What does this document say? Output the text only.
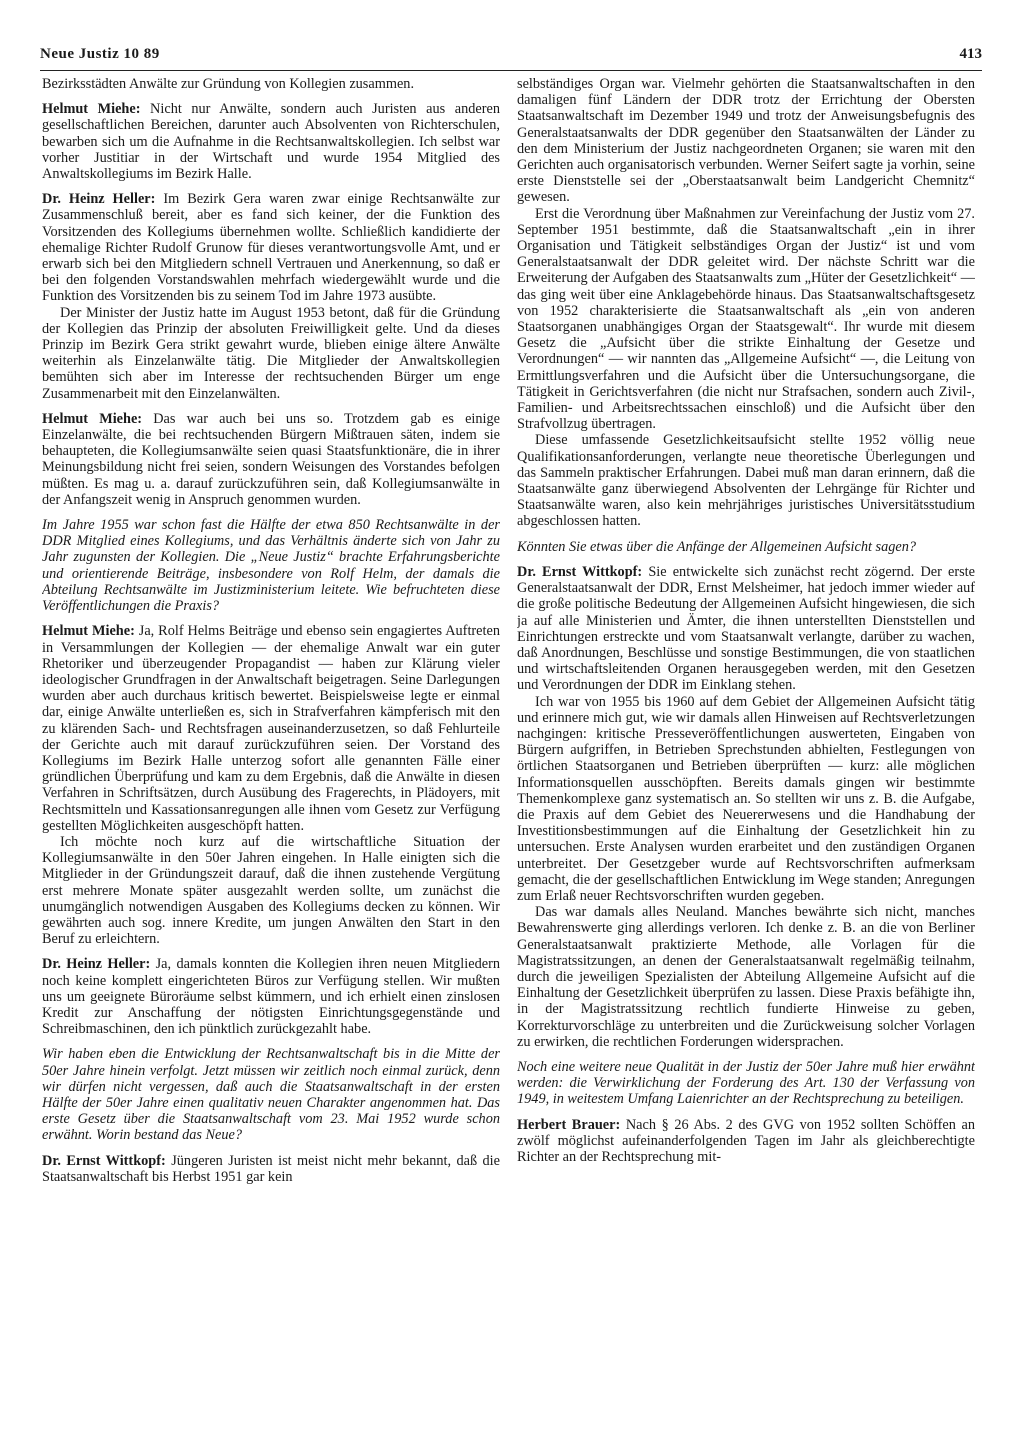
Neue Justiz 10 89	413

Bezirksstädten Anwälte zur Gründung von Kollegien zusammen.

Helmut Miehe: Nicht nur Anwälte, sondern auch Juristen aus anderen gesellschaftlichen Bereichen, darunter auch Absolventen von Richterschulen, bewarben sich um die Aufnahme in die Rechtsanwaltskollegien. Ich selbst war vorher Justitiar in der Wirtschaft und wurde 1954 Mitglied des Anwaltskollegiums im Bezirk Halle.

Dr. Heinz Heller: Im Bezirk Gera waren zwar einige Rechtsanwälte zur Zusammenschluß bereit, aber es fand sich keiner, der die Funktion des Vorsitzenden des Kollegiums übernehmen wollte. Schließlich kandidierte der ehemalige Richter Rudolf Grunow für dieses verantwortungsvolle Amt, und er erwarb sich bei den Mitgliedern schnell Vertrauen und Anerkennung, so daß er bei den folgenden Vorstandswahlen mehrfach wiedergewählt wurde und die Funktion des Vorsitzenden bis zu seinem Tod im Jahre 1973 ausübte.

Der Minister der Justiz hatte im August 1953 betont, daß für die Gründung der Kollegien das Prinzip der absoluten Freiwilligkeit gelte. Und da dieses Prinzip im Bezirk Gera strikt gewahrt wurde, blieben einige ältere Anwälte weiterhin als Einzelanwälte tätig. Die Mitglieder der Anwaltskollegien bemühten sich aber im Interesse der rechtsuchenden Bürger um enge Zusammenarbeit mit den Einzelanwälten.

Helmut Miehe: Das war auch bei uns so. Trotzdem gab es einige Einzelanwälte, die bei rechtsuchenden Bürgern Mißtrauen säten, indem sie behaupteten, die Kollegiumsanwälte seien quasi Staatsfunktionäre, die in ihrer Meinungsbildung nicht frei seien, sondern Weisungen des Vorstandes befolgen müßten. Es mag u. a. darauf zurückzuführen sein, daß Kollegiumsanwälte in der Anfangszeit wenig in Anspruch genommen wurden.

Im Jahre 1955 war schon fast die Hälfte der etwa 850 Rechtsanwälte in der DDR Mitglied eines Kollegiums, und das Verhältnis änderte sich von Jahr zu Jahr zugunsten der Kollegien. Die „Neue Justiz“ brachte Erfahrungsberichte und orientierende Beiträge, insbesondere von Rolf Helm, der damals die Abteilung Rechtsanwälte im Justizministerium leitete. Wie befruchteten diese Veröffentlichungen die Praxis?

Helmut Miehe: Ja, Rolf Helms Beiträge und ebenso sein engagiertes Auftreten in Versammlungen der Kollegien — der ehemalige Anwalt war ein guter Rhetoriker und überzeugender Propagandist — haben zur Klärung vieler ideologischer Grundfragen in der Anwaltschaft beigetragen. Seine Darlegungen wurden aber auch durchaus kritisch bewertet. Beispielsweise legte er einmal dar, einige Anwälte unterließen es, sich in Strafverfahren kämpferisch mit den zu klärenden Sach- und Rechtsfragen auseinanderzusetzen, so daß Fehlurteile der Gerichte auch mit darauf zurückzuführen seien. Der Vorstand des Kollegiums im Bezirk Halle unterzog sofort alle genannten Fälle einer gründlichen Überprüfung und kam zu dem Ergebnis, daß die Anwälte in diesen Verfahren in Schriftsätzen, durch Ausübung des Fragerechts, in Plädoyers, mit Rechtsmitteln und Kassationsanregungen alle ihnen vom Gesetz zur Verfügung gestellten Möglichkeiten ausgeschöpft hatten.

Ich möchte noch kurz auf die wirtschaftliche Situation der Kollegiumsanwälte in den 50er Jahren eingehen. In Halle einigten sich die Mitglieder in der Gründungszeit darauf, daß die ihnen zustehende Vergütung erst mehrere Monate später ausgezahlt werden sollte, um zunächst die unumgänglich notwendigen Ausgaben des Kollegiums decken zu können. Wir gewährten auch sog. innere Kredite, um jungen Anwälten den Start in den Beruf zu erleichtern.

Dr. Heinz Heller: Ja, damals konnten die Kollegien ihren neuen Mitgliedern noch keine komplett eingerichteten Büros zur Verfügung stellen. Wir mußten uns um geeignete Büroräume selbst kümmern, und ich erhielt einen zinslosen Kredit zur Anschaffung der nötigsten Einrichtungsgegenstände und Schreibmaschinen, den ich pünktlich zurückgezahlt habe.

Wir haben eben die Entwicklung der Rechtsanwaltschaft bis in die Mitte der 50er Jahre hinein verfolgt. Jetzt müssen wir zeitlich noch einmal zurück, denn wir dürfen nicht vergessen, daß auch die Staatsanwaltschaft in der ersten Hälfte der 50er Jahre einen qualitativ neuen Charakter angenommen hat. Das erste Gesetz über die Staatsanwaltschaft vom 23. Mai 1952 wurde schon erwähnt. Worin bestand das Neue?

Dr. Ernst Wittkopf: Jüngeren Juristen ist meist nicht mehr bekannt, daß die Staatsanwaltschaft bis Herbst 1951 gar kein

selbständiges Organ war. Vielmehr gehörten die Staatsanwaltschaften in den damaligen fünf Ländern der DDR trotz der Errichtung der Obersten Staatsanwaltschaft im Dezember 1949 und trotz der Anweisungsbefugnis des Generalstaatsanwalts der DDR gegenüber den Staatsanwälten der Länder zu den dem Ministerium der Justiz nachgeordneten Organen; sie waren mit den Gerichten auch organisatorisch verbunden. Werner Seifert sagte ja vorhin, seine erste Dienststelle sei der „Oberstaatsanwalt beim Landgericht Chemnitz“ gewesen.

Erst die Verordnung über Maßnahmen zur Vereinfachung der Justiz vom 27. September 1951 bestimmte, daß die Staatsanwaltschaft „ein in ihrer Organisation und Tätigkeit selbständiges Organ der Justiz“ ist und vom Generalstaatsanwalt der DDR geleitet wird. Der nächste Schritt war die Erweiterung der Aufgaben des Staatsanwalts zum „Hüter der Gesetzlichkeit“ — das ging weit über eine Anklagebehörde hinaus. Das Staatsanwaltschaftsgesetz von 1952 charakterisierte die Staatsanwaltschaft als „ein von anderen Staatsorganen unabhängiges Organ der Staatsgewalt“. Ihr wurde mit diesem Gesetz die „Aufsicht über die strikte Einhaltung der Gesetze und Verordnungen“ — wir nannten das „Allgemeine Aufsicht“ —, die Leitung von Ermittlungsverfahren und die Aufsicht über die Untersuchungsorgane, die Tätigkeit in Gerichtsverfahren (die nicht nur Strafsachen, sondern auch Zivil-, Familien- und Arbeitsrechtssachen einschloß) und die Aufsicht über den Strafvollzug übertragen.

Diese umfassende Gesetzlichkeitsaufsicht stellte 1952 völlig neue Qualifikationsanforderungen, verlangte neue theoretische Überlegungen und das Sammeln praktischer Erfahrungen. Dabei muß man daran erinnern, daß die Staatsanwälte ganz überwiegend Absolventen der Lehrgänge für Richter und Staatsanwälte waren, also kein mehrjähriges juristisches Universitätsstudium abgeschlossen hatten.

Könnten Sie etwas über die Anfänge der Allgemeinen Aufsicht sagen?

Dr. Ernst Wittkopf: Sie entwickelte sich zunächst recht zögernd. Der erste Generalstaatsanwalt der DDR, Ernst Melsheimer, hat jedoch immer wieder auf die große politische Bedeutung der Allgemeinen Aufsicht hingewiesen, die sich ja auf alle Ministerien und Ämter, die ihnen unterstellten Dienststellen und Einrichtungen erstreckte und vom Staatsanwalt verlangte, darüber zu wachen, daß Anordnungen, Beschlüsse und sonstige Bestimmungen, die von staatlichen und wirtschaftsleitenden Organen herausgegeben werden, mit den Gesetzen und Verordnungen der DDR im Einklang stehen.

Ich war von 1955 bis 1960 auf dem Gebiet der Allgemeinen Aufsicht tätig und erinnere mich gut, wie wir damals allen Hinweisen auf Rechtsverletzungen nachgingen: kritische Presseveröffentlichungen auswerteten, Eingaben von Bürgern aufgriffen, in Betrieben Sprechstunden abhielten, Festlegungen von örtlichen Staatsorganen und Betrieben überprüften — kurz: alle möglichen Informationsquellen ausschöpften. Bereits damals gingen wir bestimmte Themenkomplexe ganz systematisch an. So stellten wir uns z. B. die Aufgabe, die Praxis auf dem Gebiet des Neuererwesens und die Handhabung der Investitionsbestimmungen auf die Einhaltung der Gesetzlichkeit hin zu untersuchen. Erste Analysen wurden erarbeitet und den zuständigen Organen unterbreitet. Der Gesetzgeber wurde auf Rechtsvorschriften aufmerksam gemacht, die der gesellschaftlichen Entwicklung im Wege standen; Anregungen zum Erlaß neuer Rechtsvorschriften wurden gegeben.

Das war damals alles Neuland. Manches bewährte sich nicht, manches Bewahrenswerte ging allerdings verloren. Ich denke z. B. an die von Berliner Generalstaatsanwalt praktizierte Methode, alle Vorlagen für die Magistratssitzungen, an denen der Generalstaatsanwalt regelmäßig teilnahm, durch die jeweiligen Spezialisten der Abteilung Allgemeine Aufsicht auf die Einhaltung der Gesetzlichkeit überprüfen zu lassen. Diese Praxis befähigte ihn, in der Magistratssitzung rechtlich fundierte Hinweise zu geben, Korrekturvorschläge zu unterbreiten und die Zurückweisung solcher Vorlagen zu erwirken, die rechtlichen Forderungen widersprachen.

Noch eine weitere neue Qualität in der Justiz der 50er Jahre muß hier erwähnt werden: die Verwirklichung der Forderung des Art. 130 der Verfassung von 1949, in weitestem Umfang Laienrichter an der Rechtsprechung zu beteiligen.

Herbert Brauer: Nach § 26 Abs. 2 des GVG von 1952 sollten Schöffen an zwölf möglichst aufeinanderfolgenden Tagen im Jahr als gleichberechtigte Richter an der Rechtsprechung mit-
